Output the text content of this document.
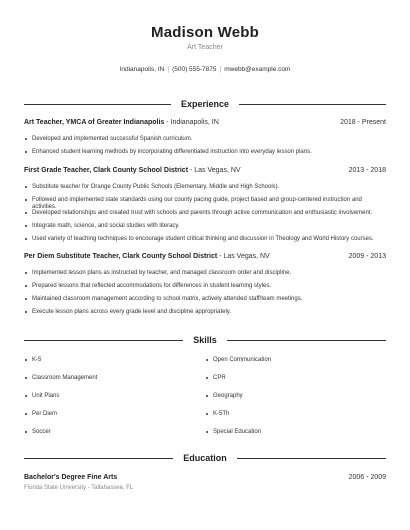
Madison Webb
Art Teacher
Indianapolis, IN | (500) 555-7875 | mwebb@example.com
Experience
Art Teacher, YMCA of Greater Indianapolis - Indianapolis, IN	2018 - Present
Developed and implemented successful Spanish curriculum.
Enhanced student learning methods by incorporating differentiated instruction into everyday lesson plans.
First Grade Teacher, Clark County School District - Las Vegas, NV	2013 - 2018
Substitute teacher for Orange County Public Schools (Elementary, Middle and High Schools).
Followed and implemented state standards using our county pacing guide, project based and group-centered instruction and activities.
Developed relationships and created trust with schools and parents through active communication and enthusiastic involvement.
Integrate math, science, and social studies with literacy.
Used variety of teaching techniques to encourage student critical thinking and discussion in Theology and World History courses.
Per Diem Substitute Teacher, Clark County School District - Las Vegas, NV	2009 - 2013
Implemented lesson plans as instructed by teacher, and managed classroom order and discipline.
Prepared lessons that reflected accommodations for differences in student learning styles.
Maintained classroom management according to school matrix, actively attended staff/team meetings.
Execute lesson plans across every grade level and discipline appropriately.
Skills
K-5
Classroom Management
Unit Plans
Per Diem
Soccer
Open Communication
CPR
Geography
K-5Th
Special Education
Education
Bachelor's Degree Fine Arts	2006 - 2009
Florida State University - Tallahassee, FL
